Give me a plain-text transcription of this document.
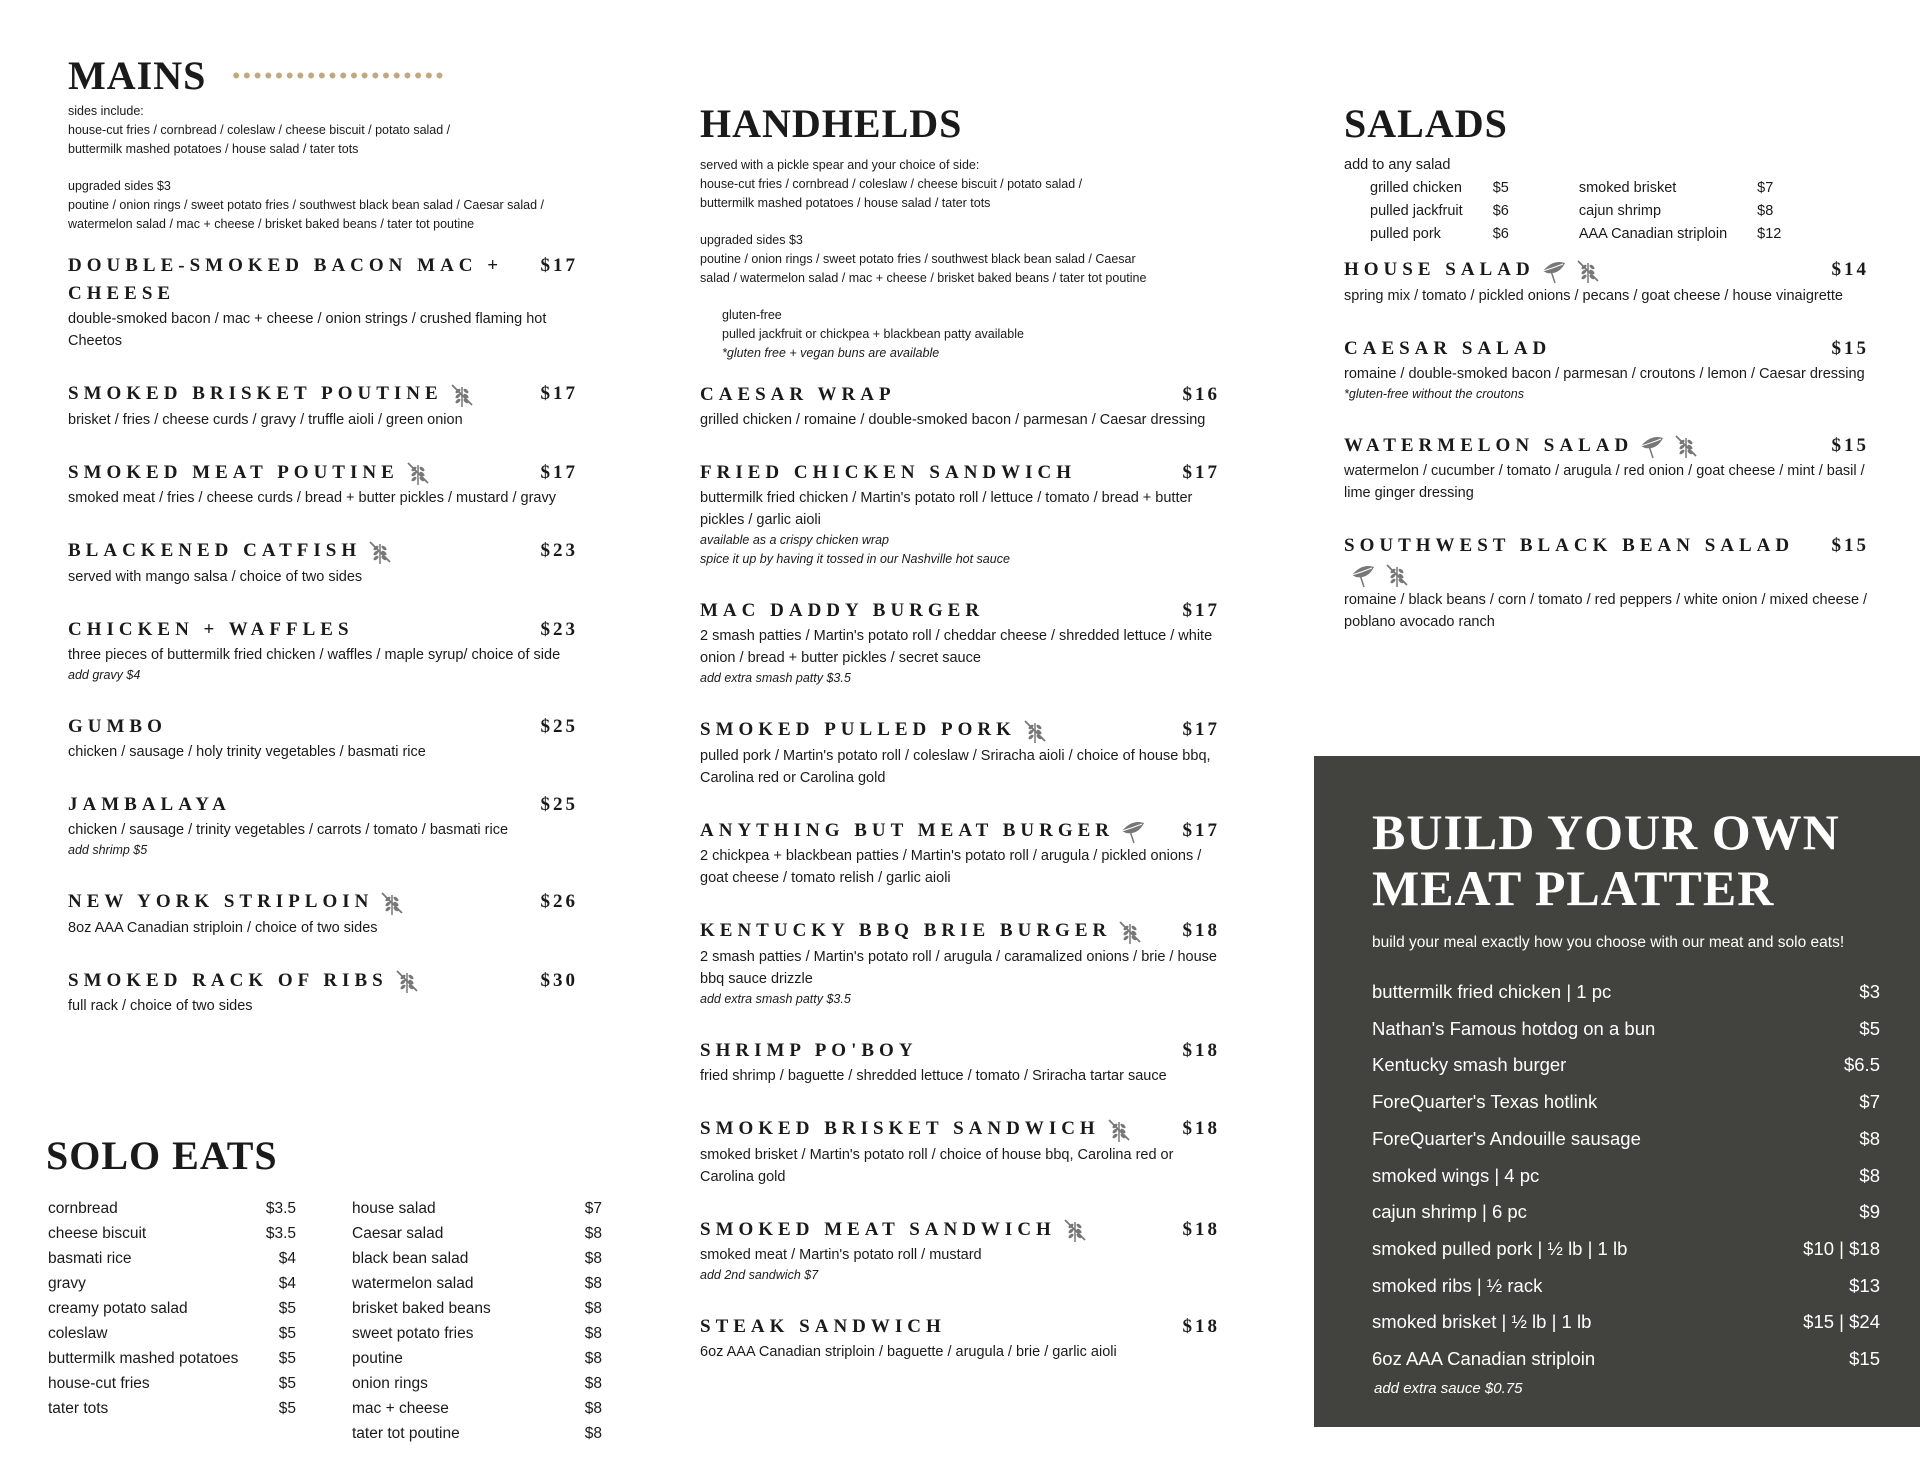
MAINS ••••••••••••••••••••

sides include:
house-cut fries / cornbread / coleslaw / cheese biscuit / potato salad /
buttermilk mashed potatoes / house salad / tater tots

upgraded sides $3
poutine / onion rings / sweet potato fries / southwest black bean salad / Caesar salad /
watermelon salad / mac + cheese / brisket baked beans / tater tot poutine

DOUBLE-SMOKED BACON MAC + CHEESE
$17
double-smoked bacon / mac + cheese / onion strings / crushed flaming hot Cheetos
SMOKED BRISKET POUTINE	$17
brisket / fries / cheese curds / gravy / truffle aioli / green onion
SMOKED MEAT POUTINE	$17
smoked meat / fries / cheese curds / bread + butter pickles / mustard / gravy
BLACKENED CATFISH	$23
served with mango salsa / choice of two sides
CHICKEN + WAFFLES	$23
three pieces of buttermilk fried chicken / waffles / maple syrup/ choice of side
add gravy $4
GUMBO	$25
chicken / sausage / holy trinity vegetables / basmati rice
JAMBALAYA	$25
chicken / sausage / trinity vegetables / carrots / tomato / basmati rice
add shrimp $5
NEW YORK STRIPLOIN	$26
8oz AAA Canadian striploin / choice of two sides
SMOKED RACK OF RIBS	$30
full rack / choice of two sides
HANDHELDS

served with a pickle spear and your choice of side:
house-cut fries / cornbread / coleslaw / cheese biscuit / potato salad /
buttermilk mashed potatoes / house salad / tater tots

upgraded sides $3
poutine / onion rings / sweet potato fries / southwest black bean salad / Caesar
salad / watermelon salad / mac + cheese / brisket baked beans / tater tot poutine

gluten-free
pulled jackfruit or chickpea + blackbean patty available
*gluten free + vegan buns are available

CAESAR WRAP	$16
grilled chicken / romaine / double-smoked bacon / parmesan / Caesar dressing
FRIED CHICKEN SANDWICH	$17
buttermilk fried chicken / Martin's potato roll / lettuce / tomato / bread + butter pickles / garlic aioli
available as a crispy chicken wrap
spice it up by having it tossed in our Nashville hot sauce
MAC DADDY BURGER	$17
2 smash patties / Martin's potato roll / cheddar cheese / shredded lettuce / white onion / bread + butter pickles / secret sauce
add extra smash patty $3.5
SMOKED PULLED PORK	$17
pulled pork / Martin's potato roll / coleslaw / Sriracha aioli / choice of house bbq, Carolina red or Carolina gold
ANYTHING BUT MEAT BURGER	$17
2 chickpea + blackbean patties / Martin's potato roll / arugula / pickled onions / goat cheese / tomato relish / garlic aioli
KENTUCKY BBQ BRIE BURGER	$18
2 smash patties / Martin's potato roll / arugula / caramalized onions / brie / house bbq sauce drizzle
add extra smash patty $3.5
SHRIMP PO'BOY	$18
fried shrimp / baguette / shredded lettuce / tomato / Sriracha tartar sauce
SMOKED BRISKET SANDWICH	$18
smoked brisket / Martin's potato roll / choice of house bbq, Carolina red or Carolina gold
SMOKED MEAT SANDWICH	$18
smoked meat / Martin's potato roll / mustard
add 2nd sandwich $7
STEAK SANDWICH	$18
6oz AAA Canadian striploin / baguette / arugula / brie / garlic aioli
SALADS
add to any salad
grilled chicken	$5	smoked brisket	$7
pulled jackfruit	$6	cajun shrimp	$8
pulled pork	$6	AAA Canadian striploin	$12
HOUSE SALAD	$14
spring mix / tomato / pickled onions / pecans / goat cheese / house vinaigrette
CAESAR SALAD	$15
romaine / double-smoked bacon / parmesan / croutons / lemon / Caesar dressing
*gluten-free without the croutons
WATERMELON SALAD	$15
watermelon / cucumber / tomato / arugula / red onion / goat cheese / mint / basil / lime ginger dressing
SOUTHWEST BLACK BEAN SALAD	$15
romaine / black beans / corn / tomato / red peppers / white onion / mixed cheese / poblano avocado ranch
SOLO EATS
cornbread	$3.5
cheese biscuit	$3.5
basmati rice	$4
gravy	$4
creamy potato salad	$5
coleslaw	$5
buttermilk mashed potatoes	$5
house-cut fries	$5
tater tots	$5
house salad	$7
Caesar salad	$8
black bean salad	$8
watermelon salad	$8
brisket baked beans	$8
sweet potato fries	$8
poutine	$8
onion rings	$8
mac + cheese	$8
tater tot poutine	$8
BUILD YOUR OWN
MEAT PLATTER
build your meal exactly how you choose with our meat and solo eats!
buttermilk fried chicken | 1 pc	$3
Nathan's Famous hotdog on a bun	$5
Kentucky smash burger	$6.5
ForeQuarter's Texas hotlink	$7
ForeQuarter's Andouille sausage	$8
smoked wings | 4 pc	$8
cajun shrimp | 6 pc	$9
smoked pulled pork | ½ lb | 1 lb	$10 | $18
smoked ribs | ½ rack	$13
smoked brisket | ½ lb | 1 lb	$15 | $24
6oz AAA Canadian striploin	$15
add extra sauce $0.75
